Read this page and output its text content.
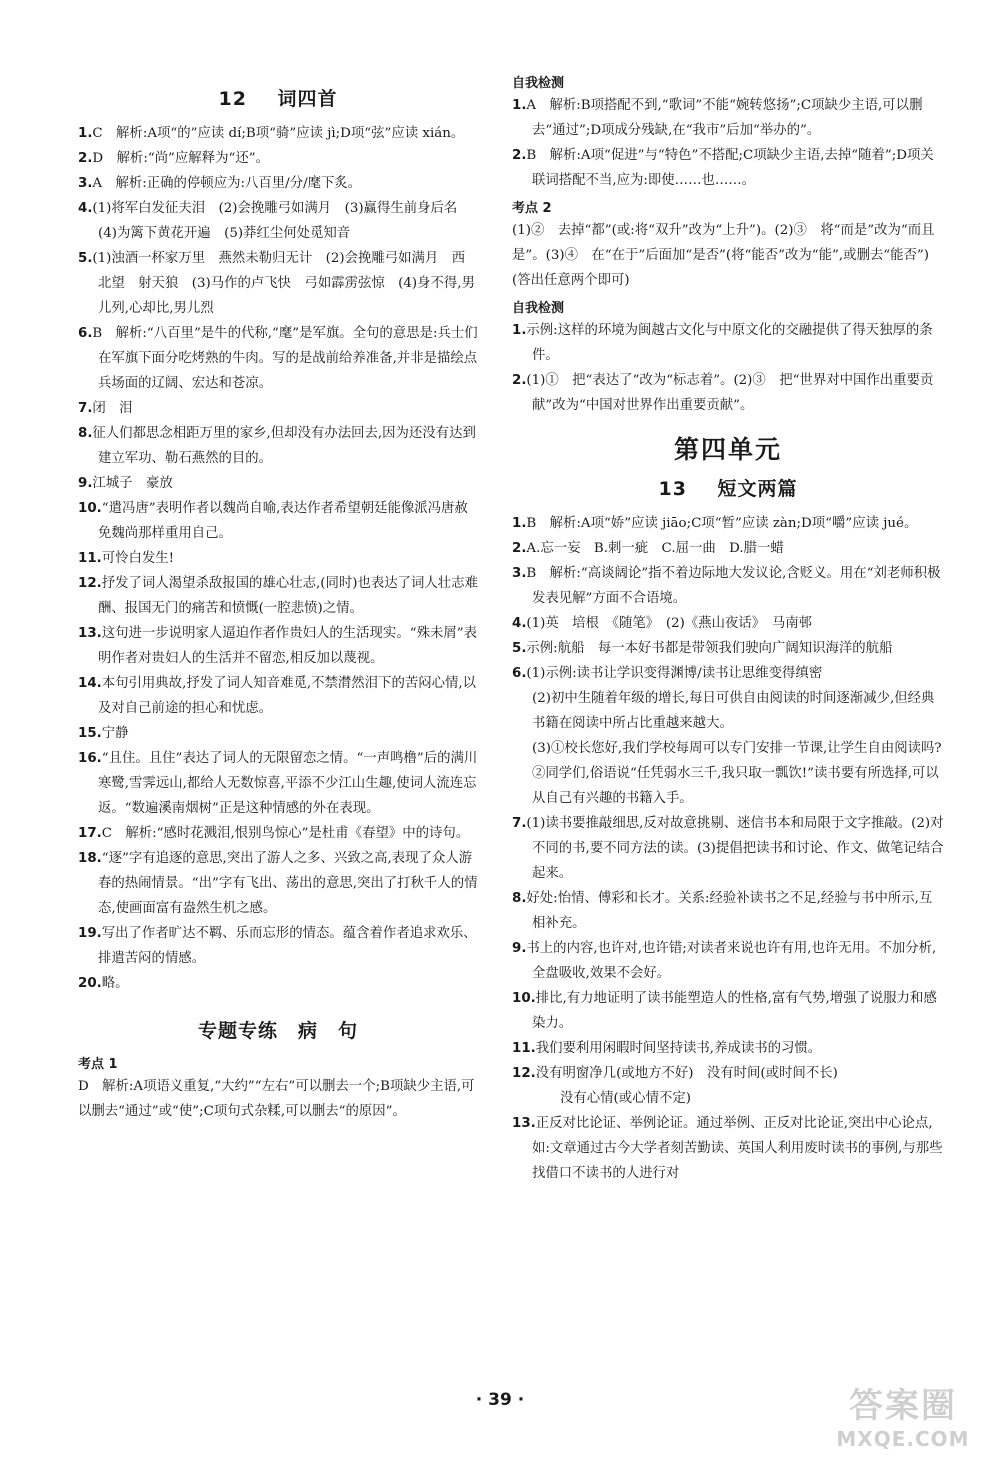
12 词四首

1.C　解析:A项“的”应读 dí;B项“骑”应读 jì;D项“弦”应读 xián。

2.D　解析:“尚”应解释为“还”。

3.A　解析:正确的停顿应为:八百里/分/麾下炙。

4.(1)将军白发征夫泪　(2)会挽雕弓如满月　(3)赢得生前身后名　(4)为篱下黄花开遍　(5)莽红尘何处觅知音

5.(1)浊酒一杯家万里　燕然未勒归无计　(2)会挽雕弓如满月　西北望　射天狼　(3)马作的卢飞快　弓如霹雳弦惊　(4)身不得,男儿列,心却比,男儿烈

6.B　解析:“八百里”是牛的代称,“麾”是军旗。全句的意思是:兵士们在军旗下面分吃烤熟的牛肉。写的是战前给养准备,并非是描绘点兵场面的辽阔、宏达和苍凉。

7.闭　泪

8.征人们都思念相距万里的家乡,但却没有办法回去,因为还没有达到建立军功、勒石燕然的目的。

9.江城子　豪放

10.“遣冯唐”表明作者以魏尚自喻,表达作者希望朝廷能像派冯唐赦免魏尚那样重用自己。

11.可怜白发生!

12.抒发了词人渴望杀敌报国的雄心壮志,(同时)也表达了词人壮志难酬、报国无门的痛苦和愤慨(一腔悲愤)之情。

13.这句进一步说明家人逼迫作者作贵妇人的生活现实。“殊未屑”表明作者对贵妇人的生活并不留恋,相反加以蔑视。

14.本句引用典故,抒发了词人知音难觅,不禁潸然泪下的苦闷心情,以及对自己前途的担心和忧虑。

15.宁静

16.“且住。且住”表达了词人的无限留恋之情。“一声鸣橹”后的满川寒鹭,雪霁远山,都给人无数惊喜,平添不少江山生趣,使词人流连忘返。“数遍溪南烟树”正是这种情感的外在表现。

17.C　解析:“感时花溅泪,恨别鸟惊心”是杜甫《春望》中的诗句。

18.“逐”字有追逐的意思,突出了游人之多、兴致之高,表现了众人游春的热闹情景。“出”字有飞出、荡出的意思,突出了打秋千人的情态,使画面富有盎然生机之感。

19.写出了作者旷达不羁、乐而忘形的情态。蕴含着作者追求欢乐、排遣苦闷的情感。

20.略。

专题专练　病　句
考点 1

D　解析:A项语义重复,“大约”“左右”可以删去一个;B项缺少主语,可以删去“通过”或“使”;C项句式杂糅,可以删去“的原因”。

自我检测

1.A　解析:B项搭配不到,“歌词”不能“婉转悠扬”;C项缺少主语,可以删去“通过”;D项成分残缺,在“我市”后加“举办的”。

2.B　解析:A项“促进”与“特色”不搭配;C项缺少主语,去掉“随着”;D项关联词搭配不当,应为:即使……也……。

考点 2

(1)②　去掉“都”(或:将“双升”改为“上升”)。(2)③　将“而是”改为“而且是”。(3)④　在“在于”后面加“是否”(将“能否”改为“能”,或删去“能否”)(答出任意两个即可)

自我检测

1.示例:这样的环境为闽越古文化与中原文化的交融提供了得天独厚的条件。

2.(1)①　把“表达了”改为“标志着”。(2)③　把“世界对中国作出重要贡献”改为“中国对世界作出重要贡献”。

第四单元
13 短文两篇

1.B　解析:A项“娇”应读 jiāo;C项“暂”应读 zàn;D项“嚼”应读 jué。

2.A.忘一妄　B.刺一疵　C.屈一曲　D.腊一蜡

3.B　解析:“高谈阔论”指不着边际地大发议论,含贬义。用在“刘老师积极发表见解”方面不合语境。

4.(1)英　培根　《随笔》　(2)《燕山夜话》　马南邨

5.示例:航船　每一本好书都是带领我们驶向广阔知识海洋的航船

6.(1)示例:读书让学识变得渊博/读书让思维变得缜密

(2)初中生随着年级的增长,每日可供自由阅读的时间逐渐减少,但经典书籍在阅读中所占比重越来越大。

(3)①校长您好,我们学校每周可以专门安排一节课,让学生自由阅读吗?②同学们,俗语说“任凭弱水三千,我只取一瓢饮!”读书要有所选择,可以从自己有兴趣的书籍入手。

7.(1)读书要推敲细思,反对故意挑剔、迷信书本和局限于文字推敲。(2)对不同的书,要不同方法的读。(3)提倡把读书和讨论、作文、做笔记结合起来。

8.好处:怡情、傅彩和长才。关系:经验补读书之不足,经验与书中所示,互相补充。

9.书上的内容,也许对,也许错;对读者来说也许有用,也许无用。不加分析,全盘吸收,效果不会好。

10.排比,有力地证明了读书能塑造人的性格,富有气势,增强了说服力和感染力。

11.我们要利用闲暇时间坚持读书,养成读书的习惯。

12.没有明窗净几(或地方不好)　没有时间(或时间不长)

没有心情(或心情不定)

13.正反对比论证、举例论证。通过举例、正反对比论证,突出中心论点,如:文章通过古今大学者刻苦勤读、英国人利用废时读书的事例,与那些找借口不读书的人进行对

· 39 ·	答案圈
MXQE.COM
